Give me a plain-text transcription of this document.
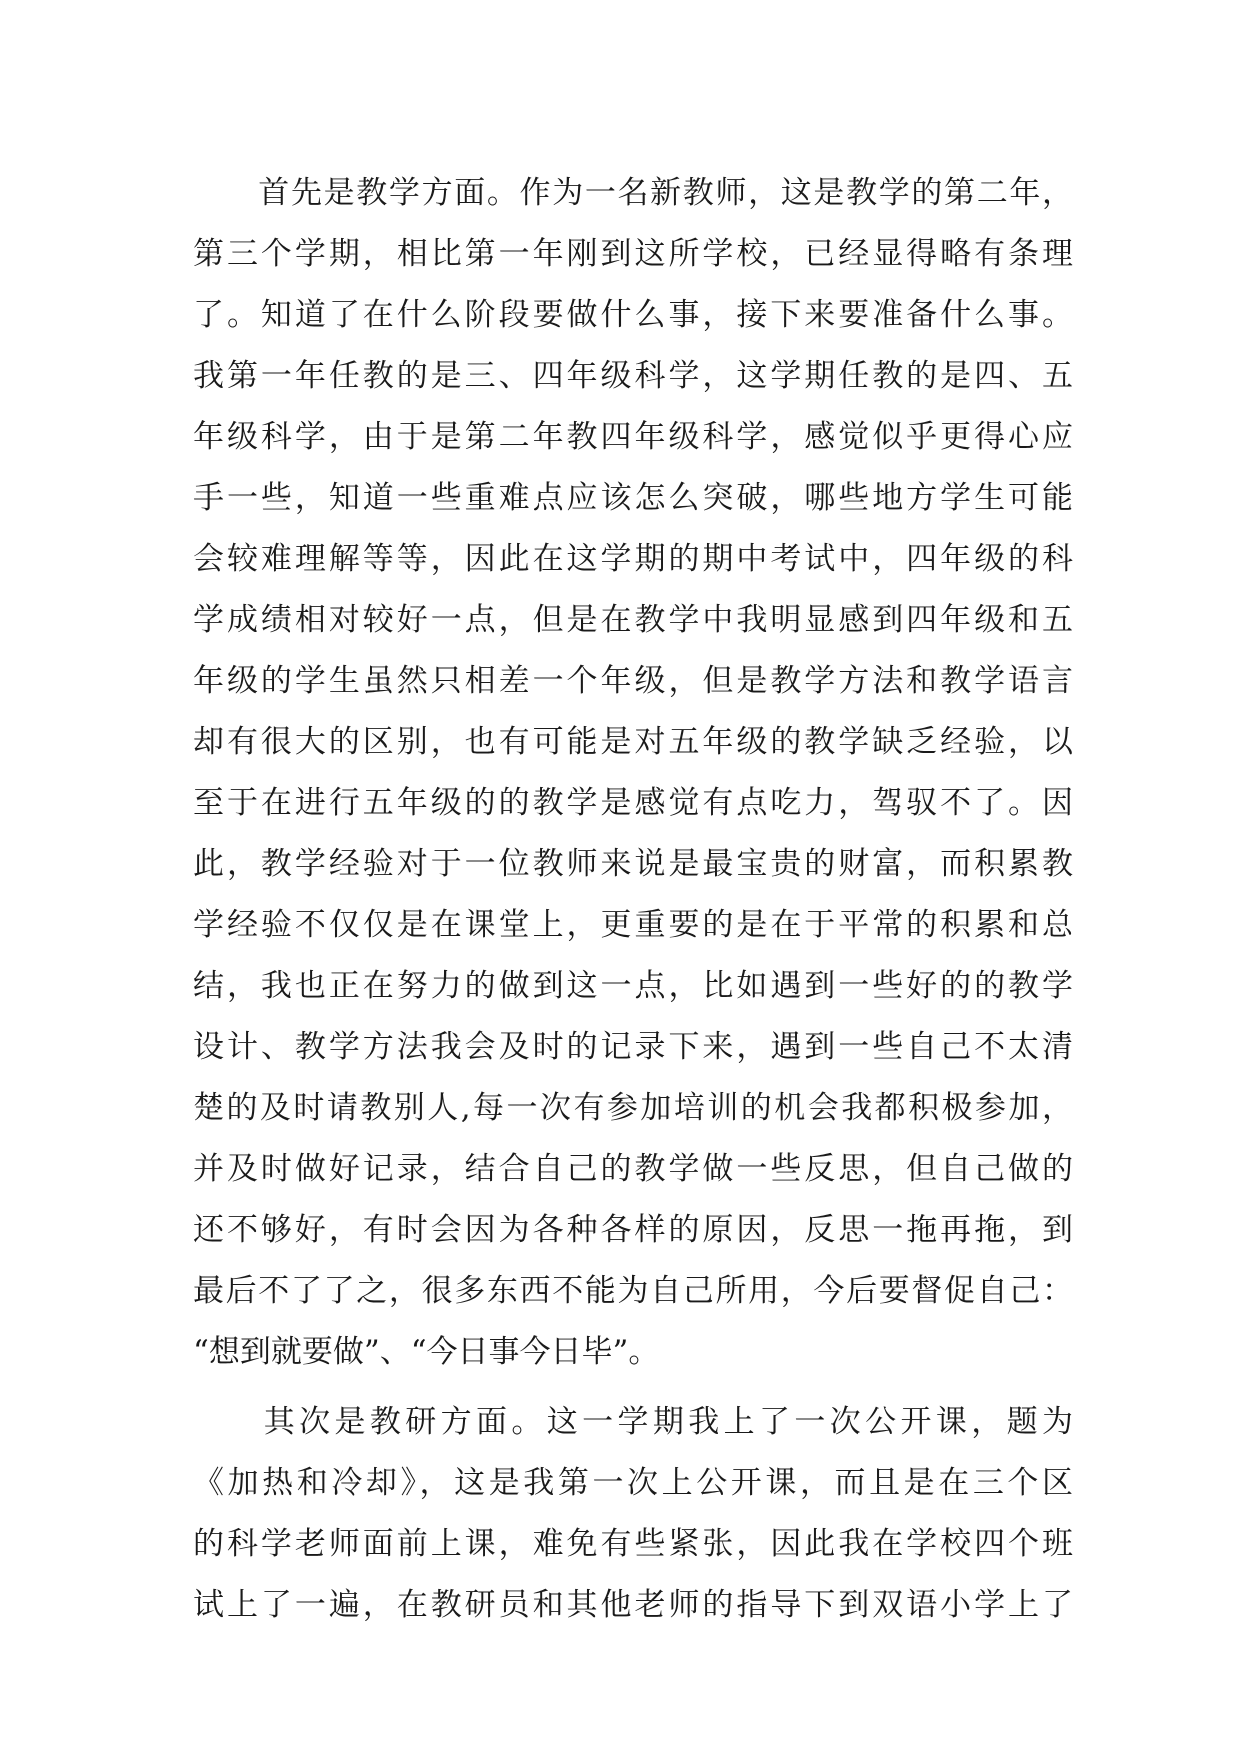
　　首先是教学方面。作为一名新教师，这是教学的第二年，
第三个学期，相比第一年刚到这所学校，已经显得略有条理
了。知道了在什么阶段要做什么事，接下来要准备什么事。
我第一年任教的是三、四年级科学，这学期任教的是四、五
年级科学，由于是第二年教四年级科学，感觉似乎更得心应
手一些，知道一些重难点应该怎么突破，哪些地方学生可能
会较难理解等等，因此在这学期的期中考试中，四年级的科
学成绩相对较好一点，但是在教学中我明显感到四年级和五
年级的学生虽然只相差一个年级，但是教学方法和教学语言
却有很大的区别，也有可能是对五年级的教学缺乏经验，以
至于在进行五年级的的教学是感觉有点吃力，驾驭不了。因
此，教学经验对于一位教师来说是最宝贵的财富，而积累教
学经验不仅仅是在课堂上，更重要的是在于平常的积累和总
结，我也正在努力的做到这一点，比如遇到一些好的的教学
设计、教学方法我会及时的记录下来，遇到一些自己不太清
楚的及时请教别人,每一次有参加培训的机会我都积极参加，
并及时做好记录，结合自己的教学做一些反思，但自己做的
还不够好，有时会因为各种各样的原因，反思一拖再拖，到
最后不了了之，很多东西不能为自己所用，今后要督促自己：
“想到就要做”、“今日事今日毕”。
　　其次是教研方面。这一学期我上了一次公开课，题为
《加热和冷却》，这是我第一次上公开课，而且是在三个区
的科学老师面前上课，难免有些紧张，因此我在学校四个班
试上了一遍，在教研员和其他老师的指导下到双语小学上了
